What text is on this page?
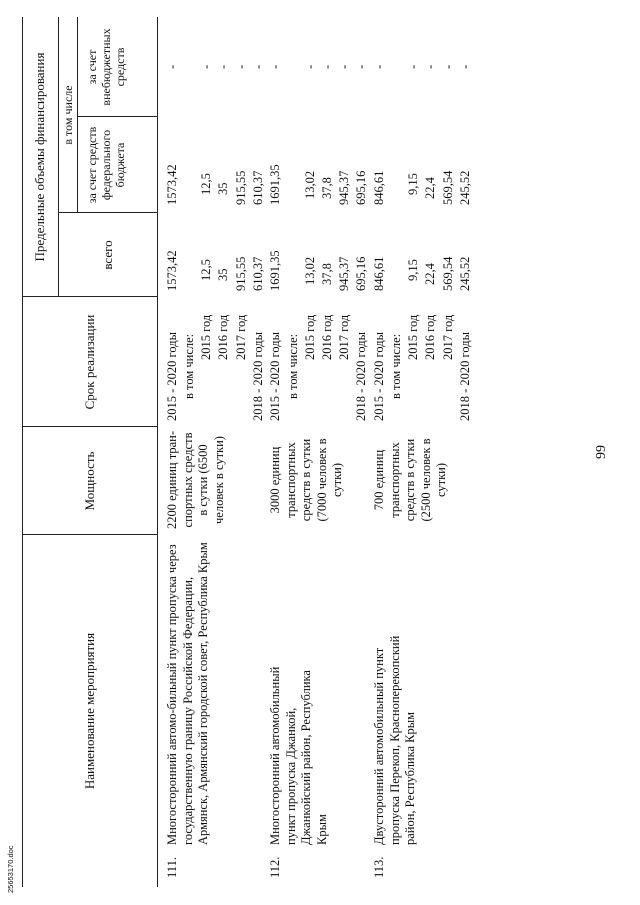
99
25653170.doc
Наименование мероприятия
Мощность
Срок реализации
Предельные объемы финансирования	всего
в том числе
за счет средств федерального бюджета
за счет внебюджетных средств
111.
Многосторонний автомо-бильный пункт пропуска через государственную границу Российской Федерации, Армянск, Армянский городской совет, Республика Крым
2200 единиц тран-спортных средств в сутки (6500 человек в сутки)
2015 - 2020 годы в том числе: 2015 год 2016 год 2017 год 2018 - 2020 годы
1573,42 12,5 35 915,55 610,37
1573,42 12,5 35 915,55 610,37
- - - - -
112.
Многосторонний автомобильный пункт пропуска Джанкой, Джанкойский район, Республика Крым
3000 единиц транспортных средств в сутки (7000 человек в сутки)
2015 - 2020 годы в том числе: 2015 год 2016 год 2017 год 2018 - 2020 годы
1691,35 13,02 37,8 945,37 695,16
1691,35 13,02 37,8 945,37 695,16
- - - - -
113.
Двусторонний автомобильный пункт пропуска Перекоп, Красноперекопский район, Республика Крым
700 единиц транспортных средств в сутки (2500 человек в сутки)
2015 - 2020 годы в том числе: 2015 год 2016 год 2017 год 2018 - 2020 годы
846,61 9,15 22,4 569,54 245,52
846,61 9,15 22,4 569,54 245,52
- - - - -
